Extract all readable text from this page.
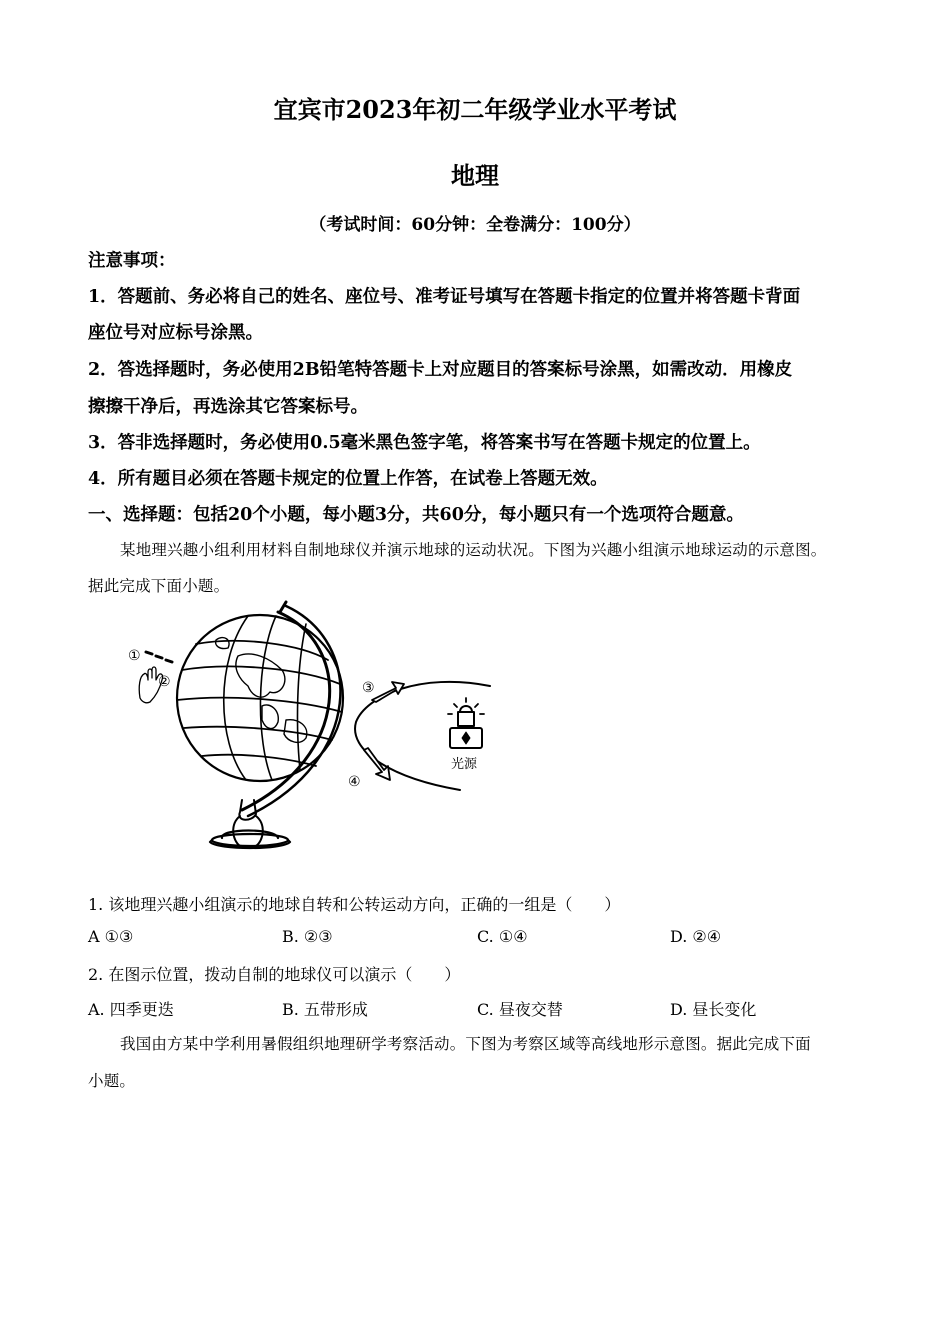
宜宾市2023年初二年级学业水平考试
地理
（考试时间：60分钟：全卷满分：100分）
注意事项：
1．答题前、务必将自己的姓名、座位号、准考证号填写在答题卡指定的位置并将答题卡背面
座位号对应标号涂黑。
2．答选择题时，务必使用2B铅笔特答题卡上对应题目的答案标号涂黑，如需改动．用橡皮
擦擦干净后，再选涂其它答案标号。
3．答非选择题时，务必使用0.5毫米黑色签字笔，将答案书写在答题卡规定的位置上。
4．所有题目必须在答题卡规定的位置上作答，在试卷上答题无效。
一、选择题：包括20个小题，每小题3分，共60分，每小题只有一个选项符合题意。
某地理兴趣小组利用材料自制地球仪并演示地球的运动状况。下图为兴趣小组演示地球运动的示意图。
据此完成下面小题。
①
②	③
④
光源
1. 该地理兴趣小组演示的地球自转和公转运动方向，正确的一组是（　　）
A ①③	B. ②③	C. ①④	D. ②④
2. 在图示位置，拨动自制的地球仪可以演示（　　）
A. 四季更迭	B. 五带形成	C. 昼夜交替	D. 昼长变化
我国由方某中学利用暑假组织地理研学考察活动。下图为考察区域等高线地形示意图。据此完成下面
小题。
